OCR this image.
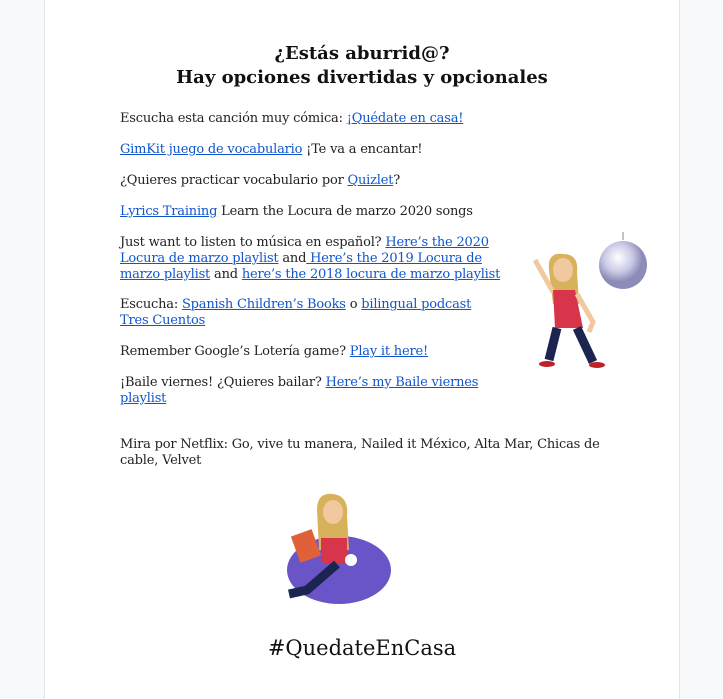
¿Estás aburrid@?
Hay opciones divertidas y opcionales
Escucha esta canción muy cómica: ¡Quédate en casa!
GimKit juego de vocabulario ¡Te va a encantar!
¿Quieres practicar vocabulario por Quizlet?
Lyrics Training Learn the Locura de marzo 2020 songs
Just want to listen to música en español? Here’s the 2020 Locura de marzo playlist and Here’s the 2019 Locura de marzo playlist and here’s the 2018 locura de marzo playlist
Escucha: Spanish Children’s Books o bilingual podcast Tres Cuentos
Remember Google’s Lotería game? Play it here!
¡Baile viernes! ¿Quieres bailar? Here’s my Baile viernes playlist
Mira por Netflix: Go, vive tu manera, Nailed it México, Alta Mar, Chicas de cable, Velvet
#QuedateEnCasa
